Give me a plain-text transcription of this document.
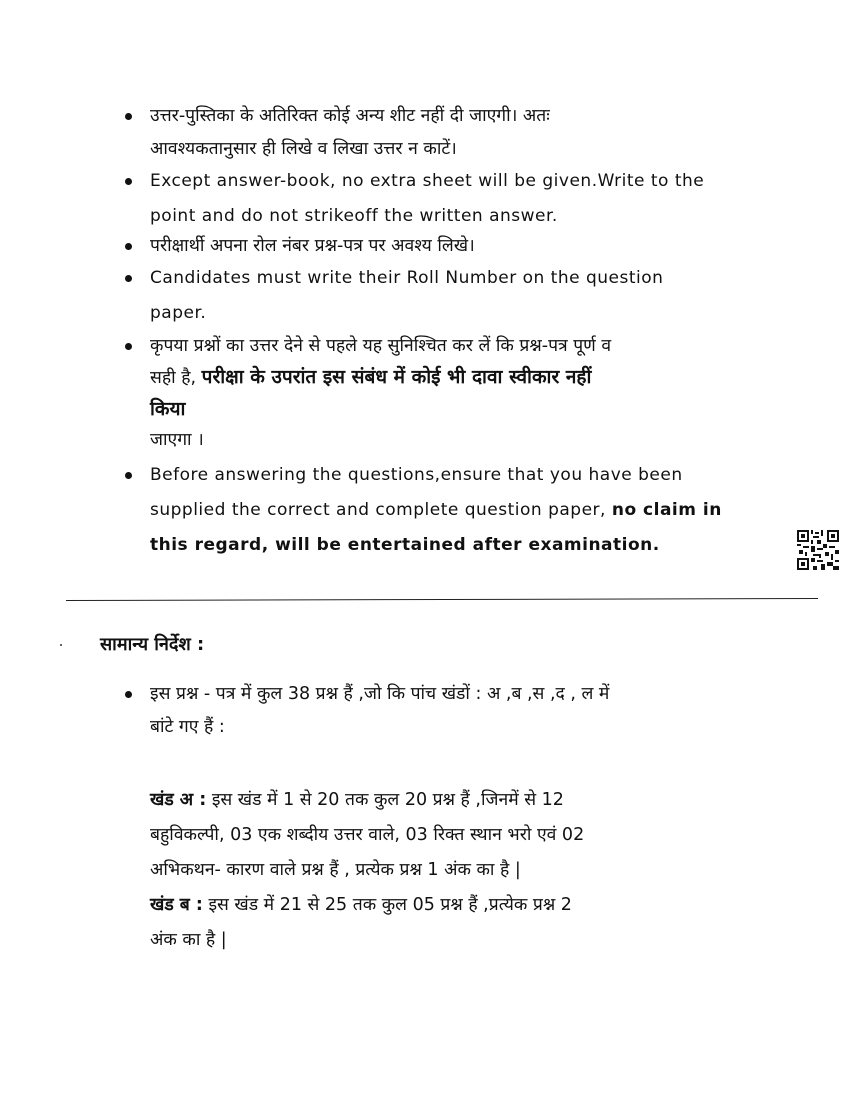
उत्तर-पुस्तिका के अतिरिक्त कोई अन्य शीट नहीं दी जाएगी। अतः
आवश्यकतानुसार ही लिखे व लिखा उत्तर न काटें।
Except answer-book, no extra sheet will be given.Write to the
point and do not strikeoff the written answer.
परीक्षार्थी अपना रोल नंबर प्रश्न-पत्र पर अवश्य लिखे।
Candidates must write their Roll Number on the question
paper.
कृपया प्रश्नों का उत्तर देने से पहले यह सुनिश्चित कर लें कि प्रश्न-पत्र पूर्ण व
सही है, परीक्षा के उपरांत इस संबंध में कोई भी दावा स्वीकार नहीं
किया
जाएगा ।
Before answering the questions,ensure that you have been
supplied the correct and complete question paper, no claim in
this regard, will be entertained after examination.
सामान्य निर्देश :
इस प्रश्न - पत्र में कुल 38 प्रश्न हैं ,जो कि पांच खंडों : अ ,ब ,स ,द , ल में
बांटे गए हैं :
खंड अ : इस खंड में 1 से 20 तक कुल 20 प्रश्न हैं ,जिनमें से 12
बहुविकल्पी, 03 एक शब्दीय उत्तर वाले, 03 रिक्त स्थान भरो एवं 02
अभिकथन- कारण वाले प्रश्न हैं , प्रत्येक प्रश्न 1 अंक का है |
खंड ब : इस खंड में 21 से 25 तक कुल 05 प्रश्न हैं ,प्रत्येक प्रश्न 2
अंक का है |
